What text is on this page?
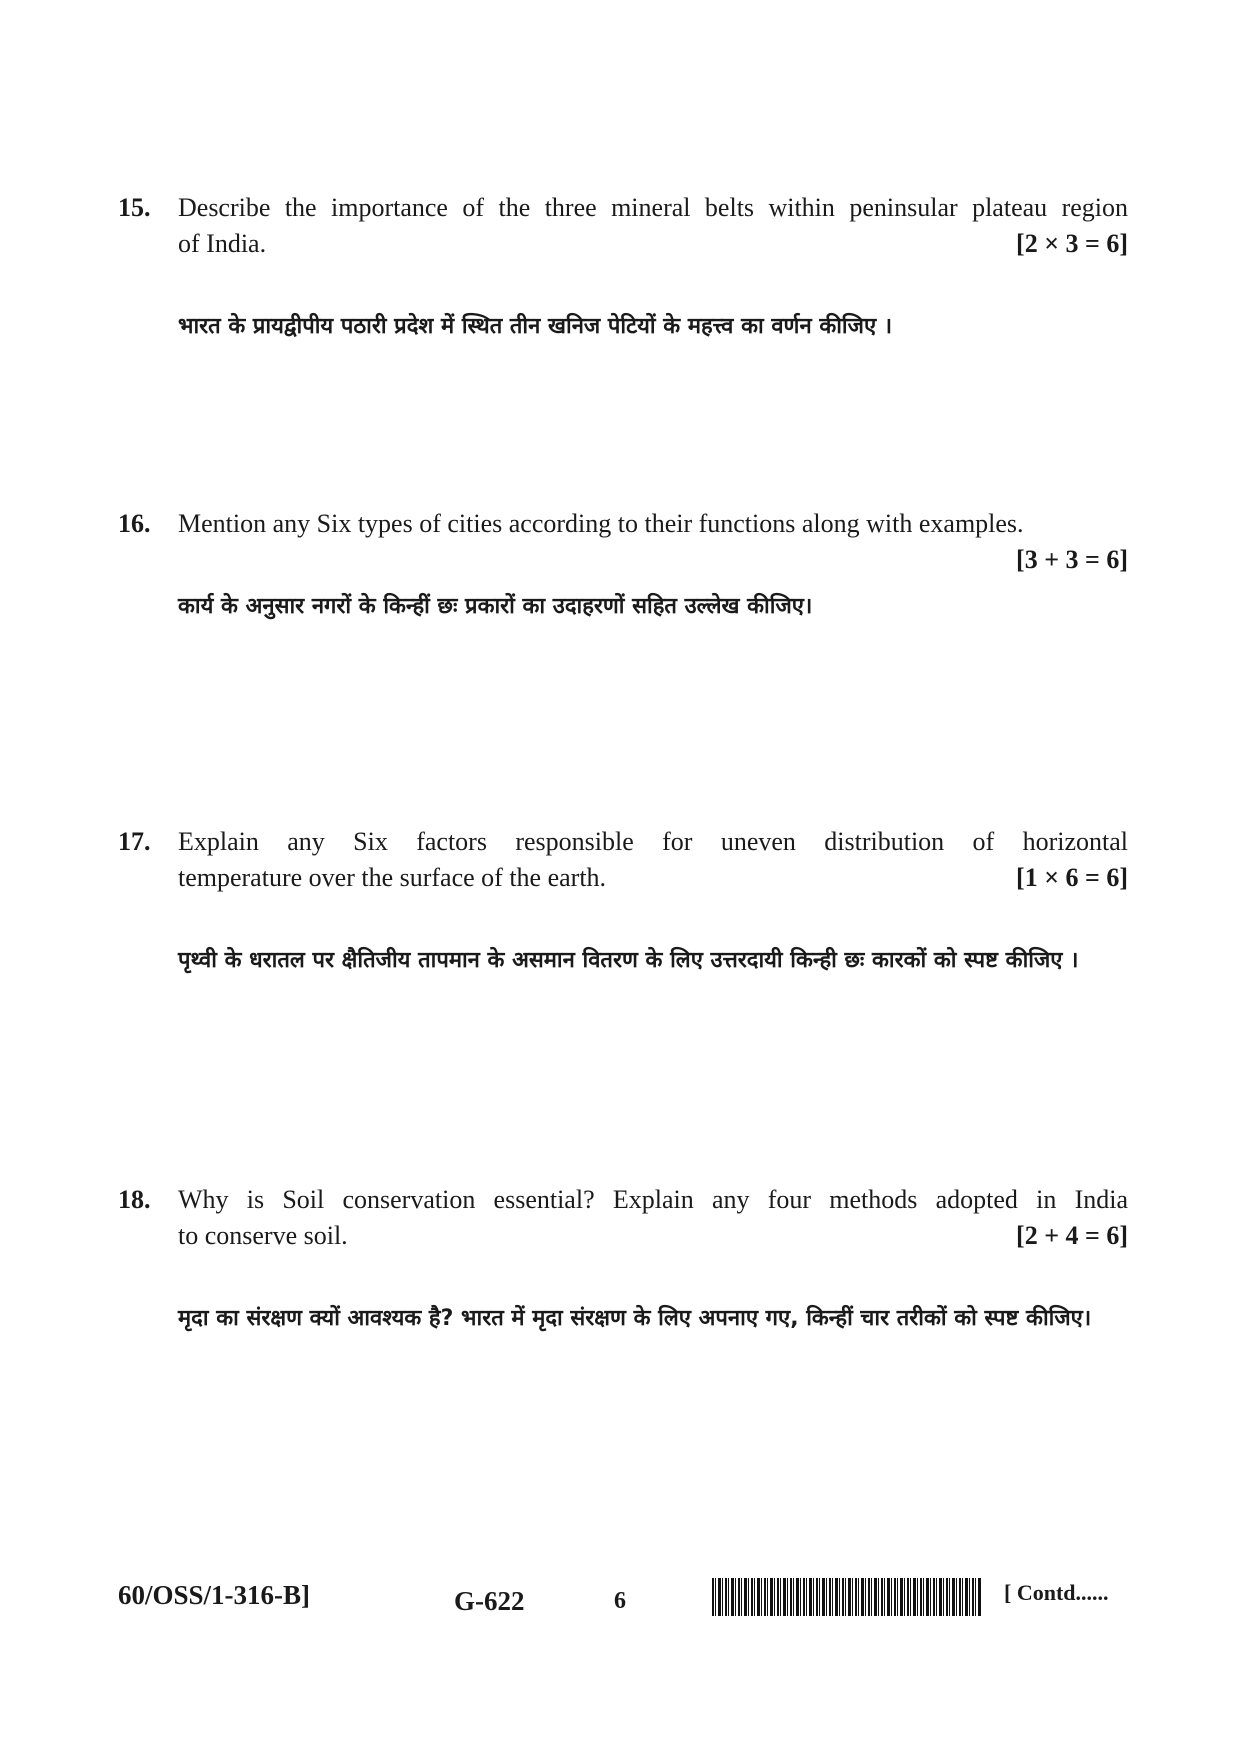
15. Describe the importance of the three mineral belts within peninsular plateau region
of India.	[2 × 3 = 6]
भारत के प्रायद्वीपीय पठारी प्रदेश में स्थित तीन खनिज पेटियों के महत्त्व का वर्णन कीजिए ।
16. Mention any Six types of cities according to their functions along with examples.
[3 + 3 = 6]
कार्य के अनुसार नगरों के किन्हीं छः प्रकारों का उदाहरणों सहित उल्लेख कीजिए।
17. Explain any Six factors responsible for uneven distribution of horizontal
temperature over the surface of the earth.	[1 × 6 = 6]
पृथ्वी के धरातल पर क्षैतिजीय तापमान के असमान वितरण के लिए उत्तरदायी किन्ही छः कारकों को स्पष्ट कीजिए ।
18. Why is Soil conservation essential? Explain any four methods adopted in India
to conserve soil.	[2 + 4 = 6]
मृदा का संरक्षण क्यों आवश्यक है? भारत में मृदा संरक्षण के लिए अपनाए गए, किन्हीं चार तरीकों को स्पष्ट कीजिए।
60/OSS/1-316-B]	G-622	6	[ Contd......
